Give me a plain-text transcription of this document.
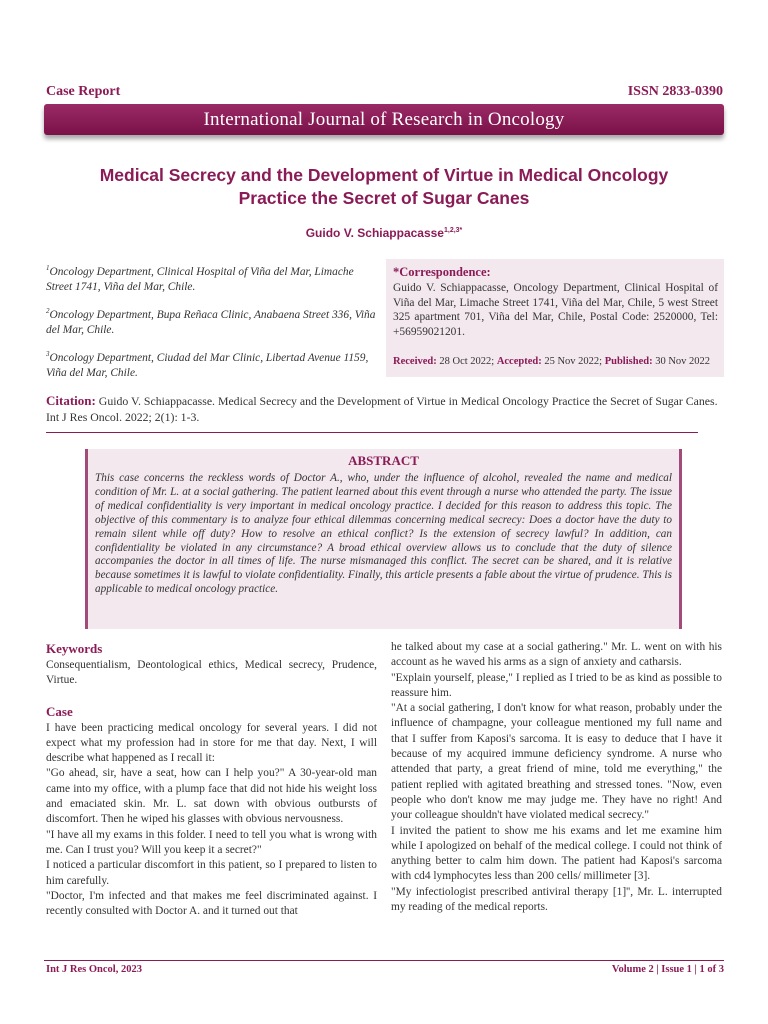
Case Report	ISSN 2833-0390
International Journal of Research in Oncology
Medical Secrecy and the Development of Virtue in Medical Oncology
Practice the Secret of Sugar Canes
Guido V. Schiappacasse$^{1,2,3*}$
$^1$Oncology Department, Clinical Hospital of Viña del Mar, Limache Street 1741, Viña del Mar, Chile.
$^2$Oncology Department, Bupa Reñaca Clinic, Anabaena Street 336, Viña del Mar, Chile.
$^3$Oncology Department, Ciudad del Mar Clinic, Libertad Avenue 1159, Viña del Mar, Chile.
*Correspondence:
Guido V. Schiappacasse, Oncology Department, Clinical Hospital of Viña del Mar, Limache Street 1741, Viña del Mar, Chile, 5 west Street 325 apartment 701, Viña del Mar, Chile, Postal Code: 2520000, Tel: +56959021201.
Received: 28 Oct 2022; Accepted: 25 Nov 2022; Published: 30 Nov 2022
Citation: Guido V. Schiappacasse. Medical Secrecy and the Development of Virtue in Medical Oncology Practice the Secret of Sugar Canes. Int J Res Oncol. 2022; 2(1): 1-3.
ABSTRACT
This case concerns the reckless words of Doctor A., who, under the influence of alcohol, revealed the name and medical condition of Mr. L. at a social gathering. The patient learned about this event through a nurse who attended the party. The issue of medical confidentiality is very important in medical oncology practice. I decided for this reason to address this topic. The objective of this commentary is to analyze four ethical dilemmas concerning medical secrecy: Does a doctor have the duty to remain silent while off duty? How to resolve an ethical conflict? Is the extension of secrecy lawful? In addition, can confidentiality be violated in any circumstance? A broad ethical overview allows us to conclude that the duty of silence accompanies the doctor in all times of life. The nurse mismanaged this conflict. The secret can be shared, and it is relative because sometimes it is lawful to violate confidentiality. Finally, this article presents a fable about the virtue of prudence. This is applicable to medical oncology practice.
Keywords

Consequentialism, Deontological ethics, Medical secrecy, Prudence, Virtue.

Case

I have been practicing medical oncology for several years. I did not expect what my profession had in store for me that day. Next, I will describe what happened as I recall it:

"Go ahead, sir, have a seat, how can I help you?" A 30-year-old man came into my office, with a plump face that did not hide his weight loss and emaciated skin. Mr. L. sat down with obvious outbursts of discomfort. Then he wiped his glasses with obvious nervousness.

"I have all my exams in this folder. I need to tell you what is wrong with me. Can I trust you? Will you keep it a secret?"

I noticed a particular discomfort in this patient, so I prepared to listen to him carefully.

"Doctor, I'm infected and that makes me feel discriminated against. I recently consulted with Doctor A. and it turned out that

he talked about my case at a social gathering." Mr. L. went on with his account as he waved his arms as a sign of anxiety and catharsis.

"Explain yourself, please," I replied as I tried to be as kind as possible to reassure him.

"At a social gathering, I don't know for what reason, probably under the influence of champagne, your colleague mentioned my full name and that I suffer from Kaposi's sarcoma. It is easy to deduce that I have it because of my acquired immune deficiency syndrome. A nurse who attended that party, a great friend of mine, told me everything," the patient replied with agitated breathing and stressed tones. "Now, even people who don't know me may judge me. They have no right! And your colleague shouldn't have violated medical secrecy."

I invited the patient to show me his exams and let me examine him while I apologized on behalf of the medical college. I could not think of anything better to calm him down. The patient had Kaposi's sarcoma with cd4 lymphocytes less than 200 cells/ millimeter [3].

"My infectiologist prescribed antiviral therapy [1]'', Mr. L. interrupted my reading of the medical reports.

Int J Res Oncol, 2023	Volume 2 | Issue 1 | 1 of 3
